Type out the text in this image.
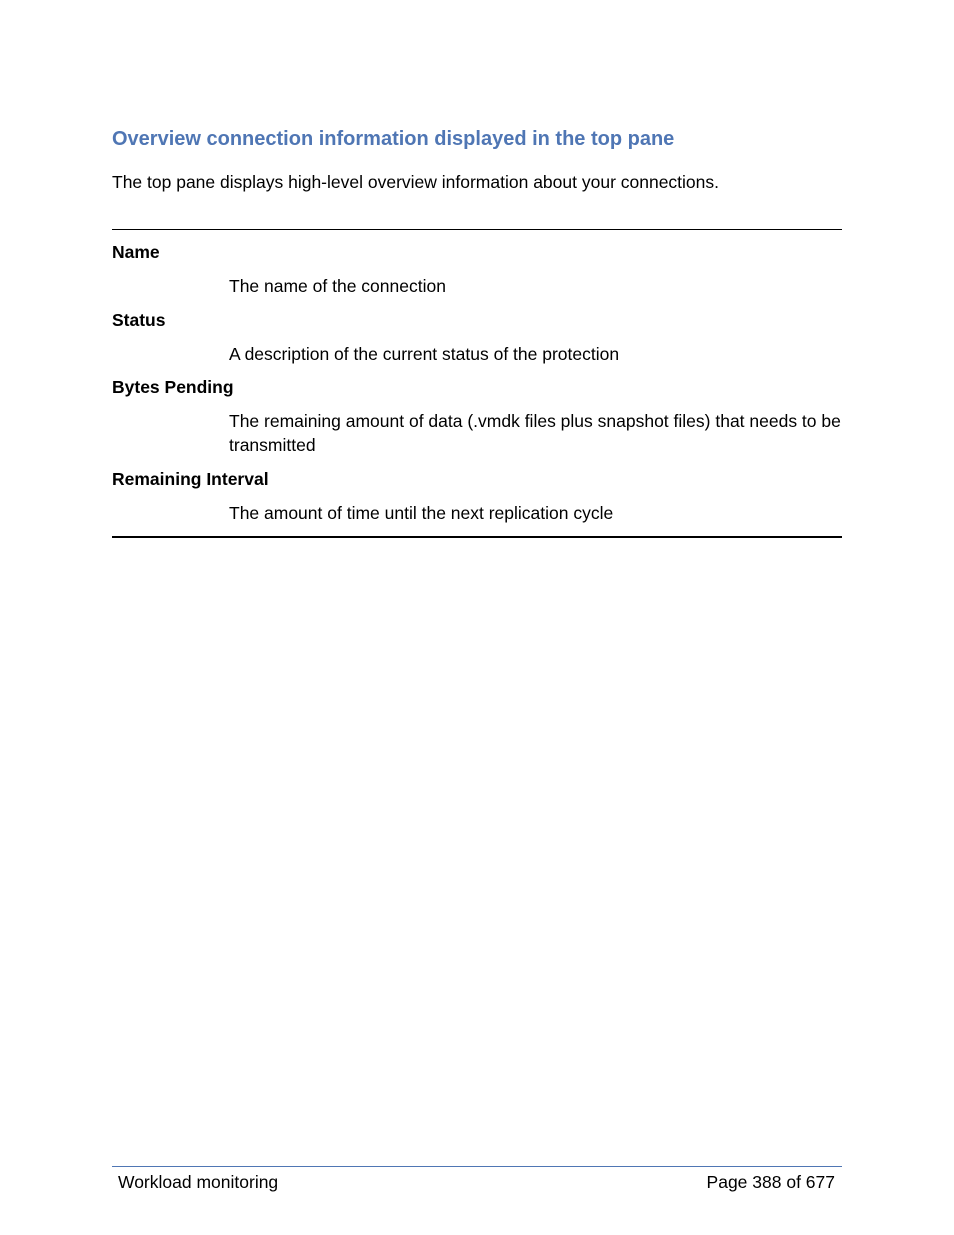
Overview connection information displayed in the top pane

The top pane displays high-level overview information about your connections.

Name

The name of the connection

Status

A description of the current status of the protection

Bytes Pending

The remaining amount of data (.vmdk files plus snapshot files) that needs to be transmitted

Remaining Interval

The amount of time until the next replication cycle

Workload monitoring	Page 388 of 677
